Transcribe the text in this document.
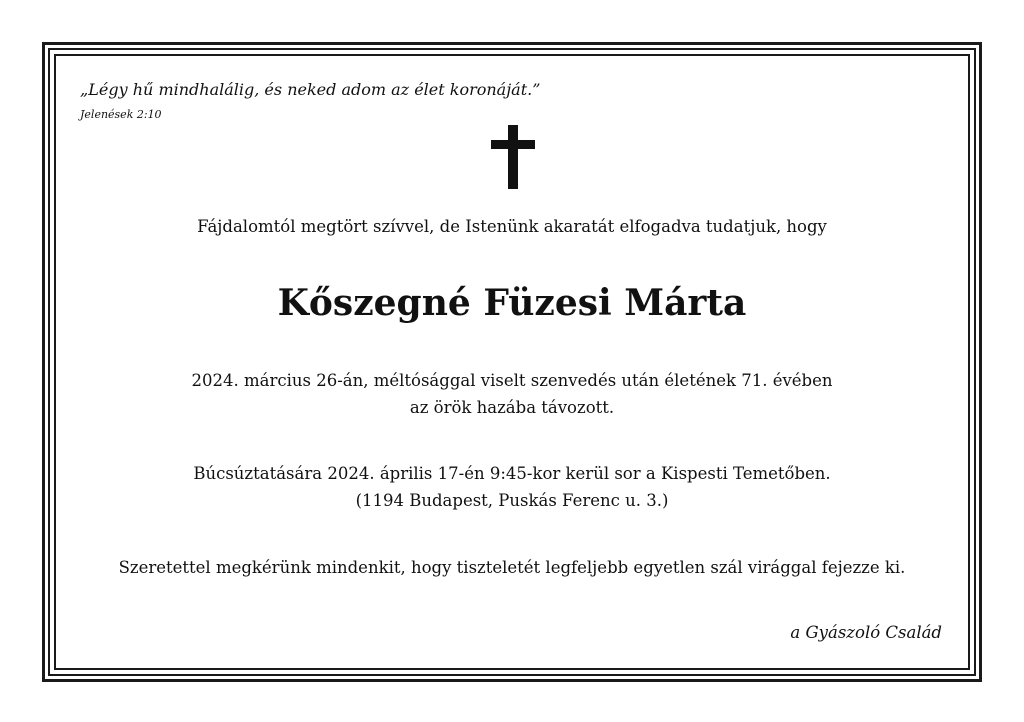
„Légy hű mindhalálig, és neked adom az élet koronáját.”

Jelenések 2:10

Fájdalomtól megtört szívvel, de Istenünk akaratát elfogadva tudatjuk, hogy

Kőszegné Füzesi Márta

2024. március 26-án, méltósággal viselt szenvedés után életének 71. évében

az örök hazába távozott.

Búcsúztatására 2024. április 17-én 9:45-kor kerül sor a Kispesti Temetőben.

(1194 Budapest, Puskás Ferenc u. 3.)

Szeretettel megkérünk mindenkit, hogy tiszteletét legfeljebb egyetlen szál virággal fejezze ki.

a Gyászoló Család
